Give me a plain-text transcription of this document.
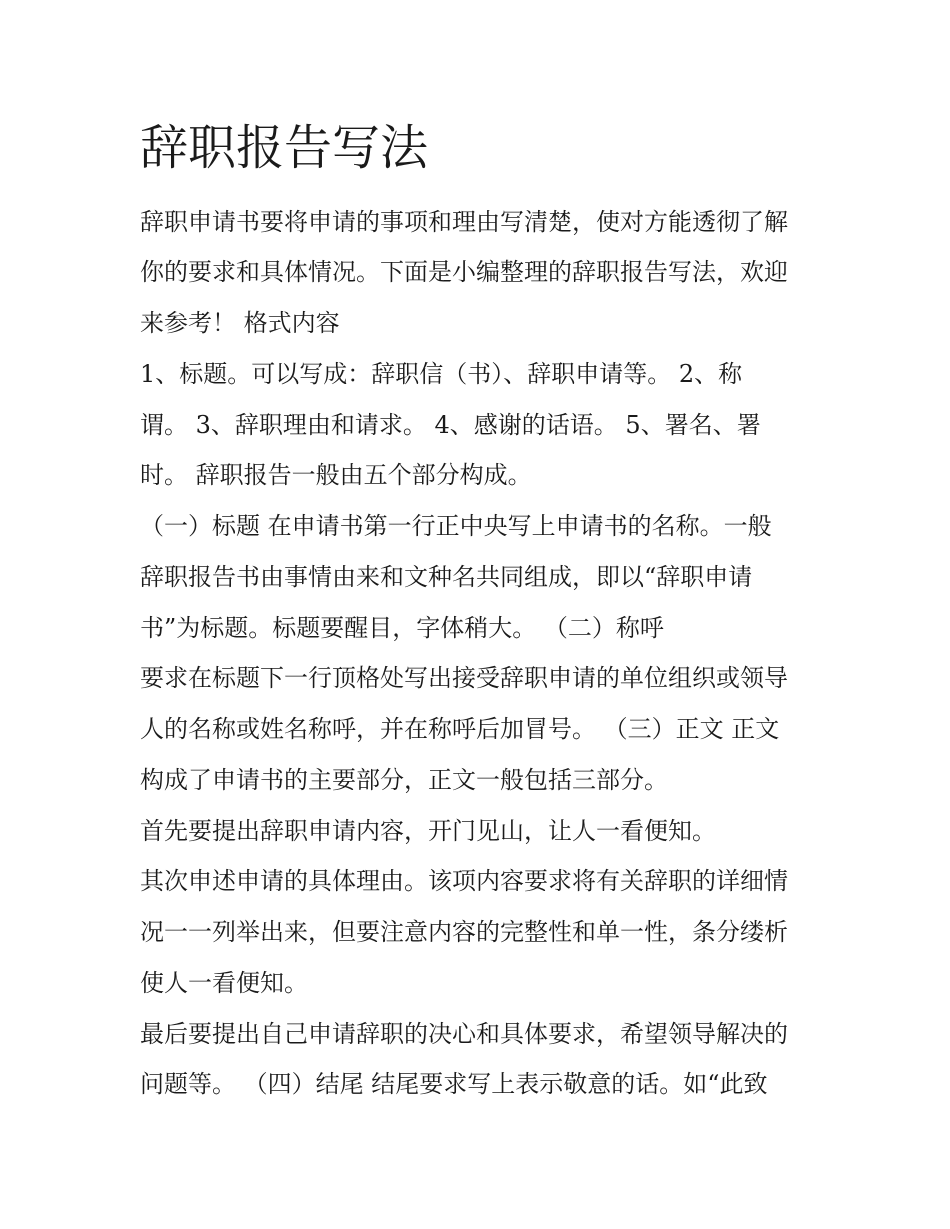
辞职报告写法

辞职申请书要将申请的事项和理由写清楚，使对方能透彻了解

你的要求和具体情况。下面是小编整理的辞职报告写法，欢迎

来参考！ 格式内容

1、标题。可以写成：辞职信（书）、辞职申请等。 2、称

谓。 3、辞职理由和请求。 4、感谢的话语。 5、署名、署

时。 辞职报告一般由五个部分构成。

（一）标题 在申请书第一行正中央写上申请书的名称。一般

辞职报告书由事情由来和文种名共同组成，即以“辞职申请

书”为标题。标题要醒目，字体稍大。 （二）称呼

要求在标题下一行顶格处写出接受辞职申请的单位组织或领导

人的名称或姓名称呼，并在称呼后加冒号。 （三）正文 正文

构成了申请书的主要部分，正文一般包括三部分。

首先要提出辞职申请内容，开门见山，让人一看便知。

其次申述申请的具体理由。该项内容要求将有关辞职的详细情

况一一列举出来，但要注意内容的完整性和单一性，条分缕析

使人一看便知。

最后要提出自己申请辞职的决心和具体要求，希望领导解决的

问题等。 （四）结尾 结尾要求写上表示敬意的话。如“此致
